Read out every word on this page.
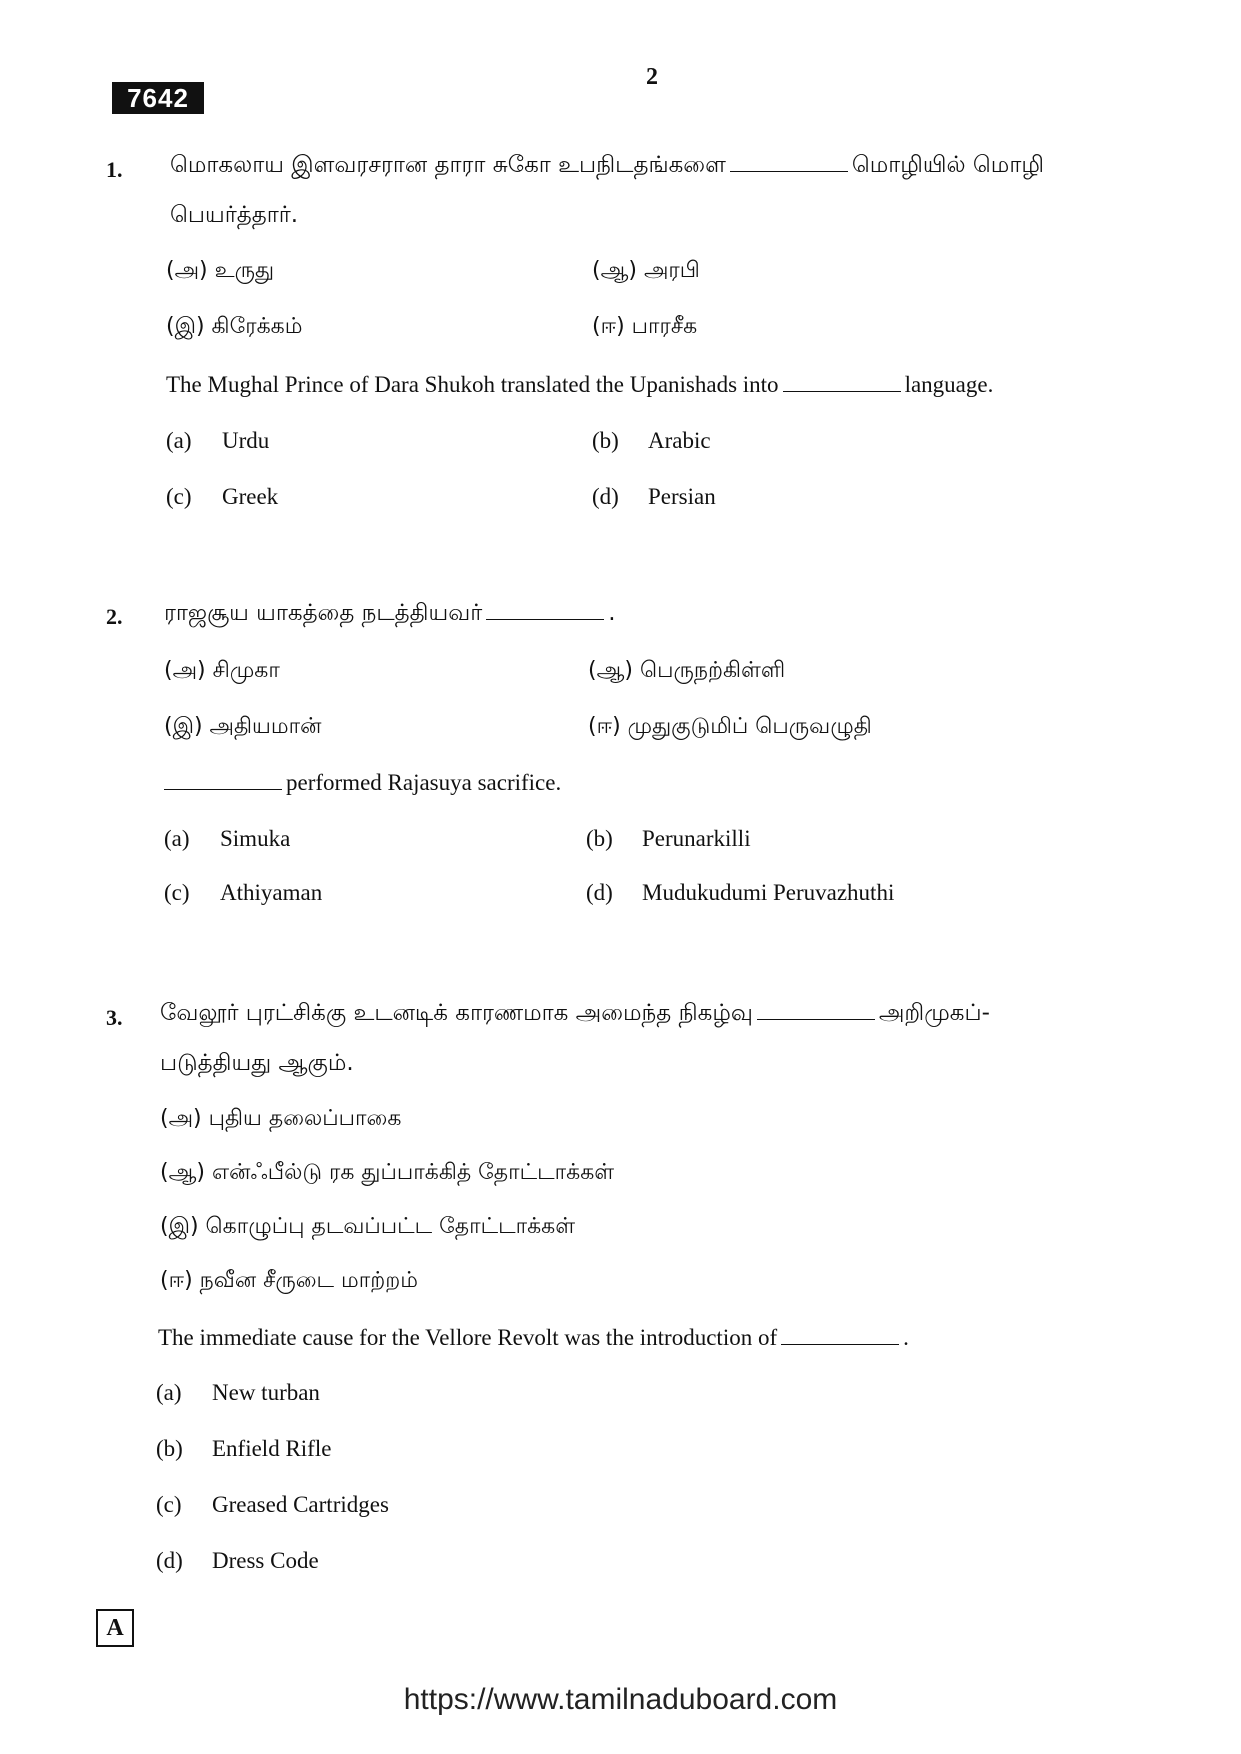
7642
2
1. மொகலாய இளவரசரான தாரா சுகோ உபநிடதங்களை	மொழியில் மொழி
பெயர்த்தார்.
(அ) உருது	(ஆ) அரபி
(இ) கிரேக்கம்	(ஈ) பாரசீக
The Mughal Prince of Dara Shukoh translated the Upanishads into	language.
(a) Urdu	(b) Arabic
(c) Greek	(d) Persian
2. ராஜசூய யாகத்தை நடத்தியவர்	.
(அ) சிமுகா	(ஆ) பெருநற்கிள்ளி
(இ) அதியமான்	(ஈ) முதுகுடுமிப் பெருவழுதி
performed Rajasuya sacrifice.
(a) Simuka	(b) Perunarkilli
(c) Athiyaman	(d) Mudukudumi Peruvazhuthi
3. வேலூர் புரட்சிக்கு உடனடிக் காரணமாக அமைந்த நிகழ்வு	அறிமுகப்-
படுத்தியது ஆகும்.
(அ) புதிய தலைப்பாகை
(ஆ) என்ஃபீல்டு ரக துப்பாக்கித் தோட்டாக்கள்
(இ) கொழுப்பு தடவப்பட்ட தோட்டாக்கள்
(ஈ) நவீன சீருடை மாற்றம்
The immediate cause for the Vellore Revolt was the introduction of	.
(a) New turban
(b) Enfield Rifle
(c) Greased Cartridges
(d) Dress Code
A
https://www.tamilnaduboard.com
